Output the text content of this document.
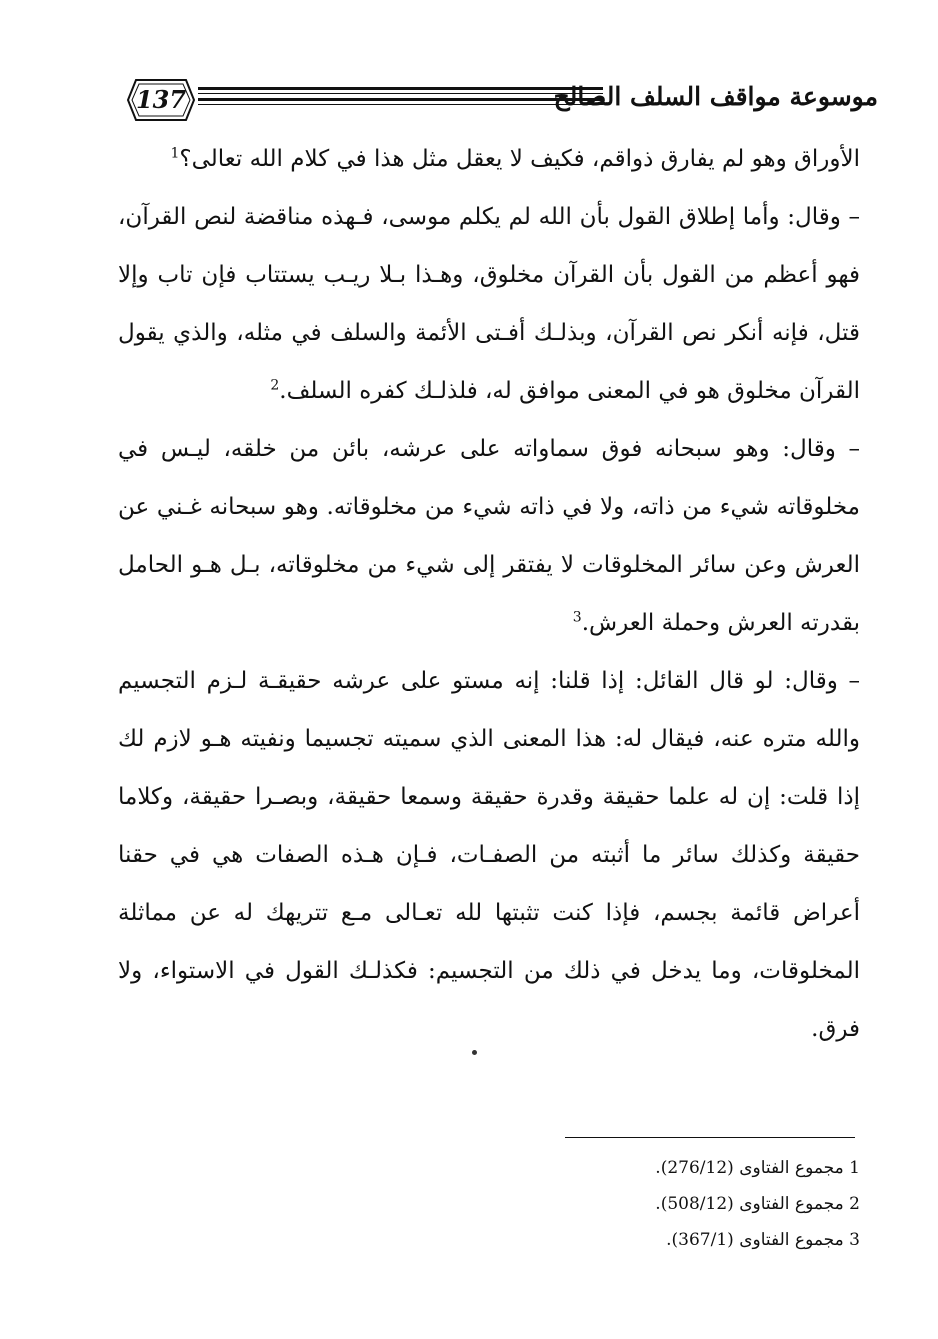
137	موسوعة مواقف السلف الصالح

الأوراق وهو لم يفارق ذواقم، فكيف لا يعقل مثل هذا في كلام الله تعالى؟$^1$

– وقال: وأما إطلاق القول بأن الله لم يكلم موسى، فـهذه مناقضة لنص القرآن، فهو أعظم من القول بأن القرآن مخلوق، وهـذا بـلا ريـب يستتاب فإن تاب وإلا قتل، فإنه أنكر نص القرآن، وبذلـك أفـتى الأئمة والسلف في مثله، والذي يقول القرآن مخلوق هو في المعنى موافق له، فلذلـك كفره السلف.$^2$

– وقال: وهو سبحانه فوق سماواته على عرشه، بائن من خلقه، ليـس في مخلوقاته شيء من ذاته، ولا في ذاته شيء من مخلوقاته. وهو سبحانه غـني عن العرش وعن سائر المخلوقات لا يفتقر إلى شيء من مخلوقاته، بـل هـو الحامل بقدرته العرش وحملة العرش.$^3$

– وقال: لو قال القائل: إذا قلنا: إنه مستو على عرشه حقيقـة لـزم التجسيم والله متره عنه، فيقال له: هذا المعنى الذي سميته تجسيما ونفيته هـو لازم لك إذا قلت: إن له علما حقيقة وقدرة حقيقة وسمعا حقيقة، وبصـرا حقيقة، وكلاما حقيقة وكذلك سائر ما أثبته من الصفـات، فـإن هـذه الصفات هي في حقنا أعراض قائمة بجسم، فإذا كنت تثبتها لله تعـالى مـع تتريهك له عن مماثلة المخلوقات، وما يدخل في ذلك من التجسيم: فكذلـك القول في الاستواء، ولا فرق.

1 مجموع الفتاوى (276/12).
2 مجموع الفتاوى (508/12).
3 مجموع الفتاوى (367/1).
